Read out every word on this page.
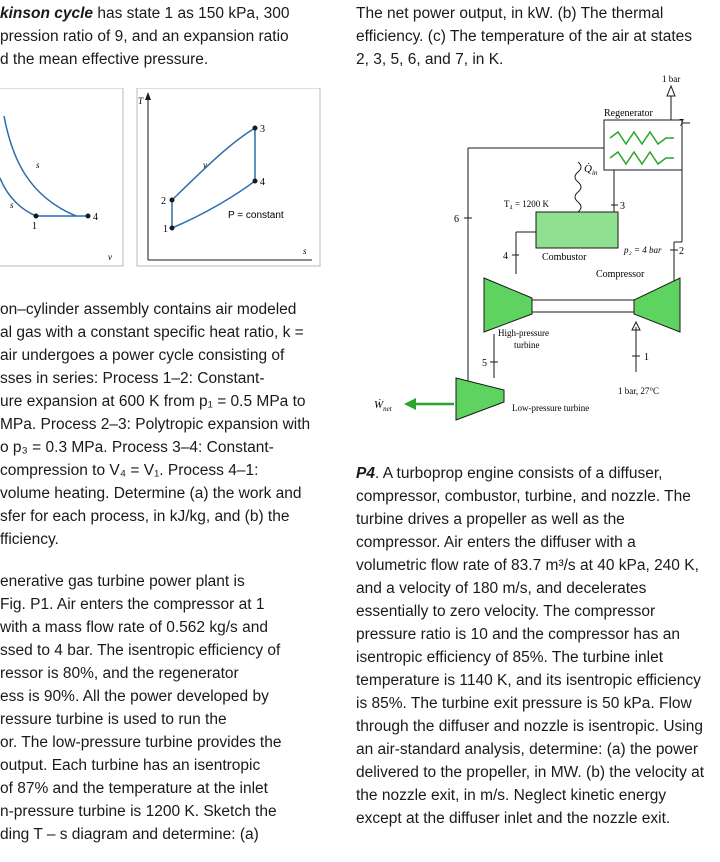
kinson cycle has state 1 as 150 kPa, 300
pression ratio of 9, and an expansion ratio
d the mean effective pressure.
The net power output, in kW. (b) The thermal
efficiency. (c) The temperature of the air at states
2, 3, 5, 6, and 7, in K.
s
s
1
4
v
T
s
1
2
3
4
v
P = constant
on–cylinder assembly contains air modeled
al gas with a constant specific heat ratio, k =
air undergoes a power cycle consisting of
sses in series: Process 1–2: Constant-
ure expansion at 600 K from p₁ = 0.5 MPa to
MPa. Process 2–3: Polytropic expansion with
o p₃ = 0.3 MPa. Process 3–4: Constant-
compression to V₄ = V₁. Process 4–1:
volume heating. Determine (a) the work and
sfer for each process, in kJ/kg, and (b) the
fficiency.
enerative gas turbine power plant is
Fig. P1. Air enters the compressor at 1
with a mass flow rate of 0.562 kg/s and
ssed to 4 bar. The isentropic efficiency of
ressor is 80%, and the regenerator
ess is 90%. All the power developed by
ressure turbine is used to run the
or. The low-pressure turbine provides the
output. Each turbine has an isentropic
of 87% and the temperature at the inlet
n-pressure turbine is 1200 K. Sketch the
ding T – s diagram and determine: (a)
1 bar
Regenerator
7
$Q̇_{in}$
T₄ = 1200 K
Combustor
3
4
p₂ = 4 bar 2
6
5
Compressor
1
1 bar, 27°C
High-pressure
turbine
Low-pressure turbine
Ẇ$_{net}$
P4. A turboprop engine consists of a diffuser,
compressor, combustor, turbine, and nozzle. The
turbine drives a propeller as well as the
compressor. Air enters the diffuser with a
volumetric flow rate of 83.7 m³/s at 40 kPa, 240 K,
and a velocity of 180 m/s, and decelerates
essentially to zero velocity. The compressor
pressure ratio is 10 and the compressor has an
isentropic efficiency of 85%. The turbine inlet
temperature is 1140 K, and its isentropic efficiency
is 85%. The turbine exit pressure is 50 kPa. Flow
through the diffuser and nozzle is isentropic. Using
an air-standard analysis, determine: (a) the power
delivered to the propeller, in MW. (b) the velocity at
the nozzle exit, in m/s. Neglect kinetic energy
except at the diffuser inlet and the nozzle exit.
